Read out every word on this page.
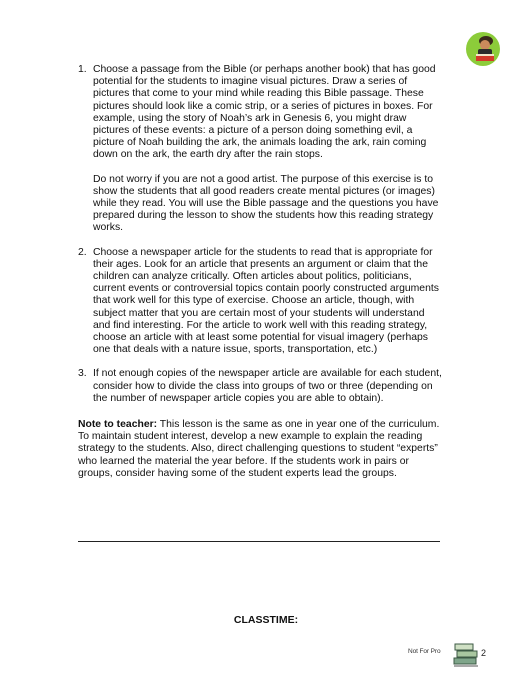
1. Choose a passage from the Bible (or perhaps another book) that has good potential for the students to imagine visual pictures. Draw a series of pictures that come to your mind while reading this Bible passage. These pictures should look like a comic strip, or a series of pictures in boxes. For example, using the story of Noah’s ark in Genesis 6, you might draw pictures of these events: a picture of a person doing something evil, a picture of Noah building the ark, the animals loading the ark, rain coming down on the ark, the earth dry after the rain stops.

Do not worry if you are not a good artist. The purpose of this exercise is to show the students that all good readers create mental pictures (or images) while they read. You will use the Bible passage and the questions you have prepared during the lesson to show the students how this reading strategy works.

2. Choose a newspaper article for the students to read that is appropriate for their ages. Look for an article that presents an argument or claim that the children can analyze critically. Often articles about politics, politicians, current events or controversial topics contain poorly constructed arguments that work well for this type of exercise. Choose an article, though, with subject matter that you are certain most of your students will understand and find interesting. For the article to work well with this reading strategy, choose an article with at least some potential for visual imagery (perhaps one that deals with a nature issue, sports, transportation, etc.)

3. If not enough copies of the newspaper article are available for each student, consider how to divide the class into groups of two or three (depending on the number of newspaper article copies you are able to obtain).

Note to teacher: This lesson is the same as one in year one of the curriculum. To maintain student interest, develop a new example to explain the reading strategy to the students. Also, direct challenging questions to student “experts” who learned the material the year before. If the students work in pairs or groups, consider having some of the student experts lead the groups.

CLASSTIME:
Not For Pro	2
